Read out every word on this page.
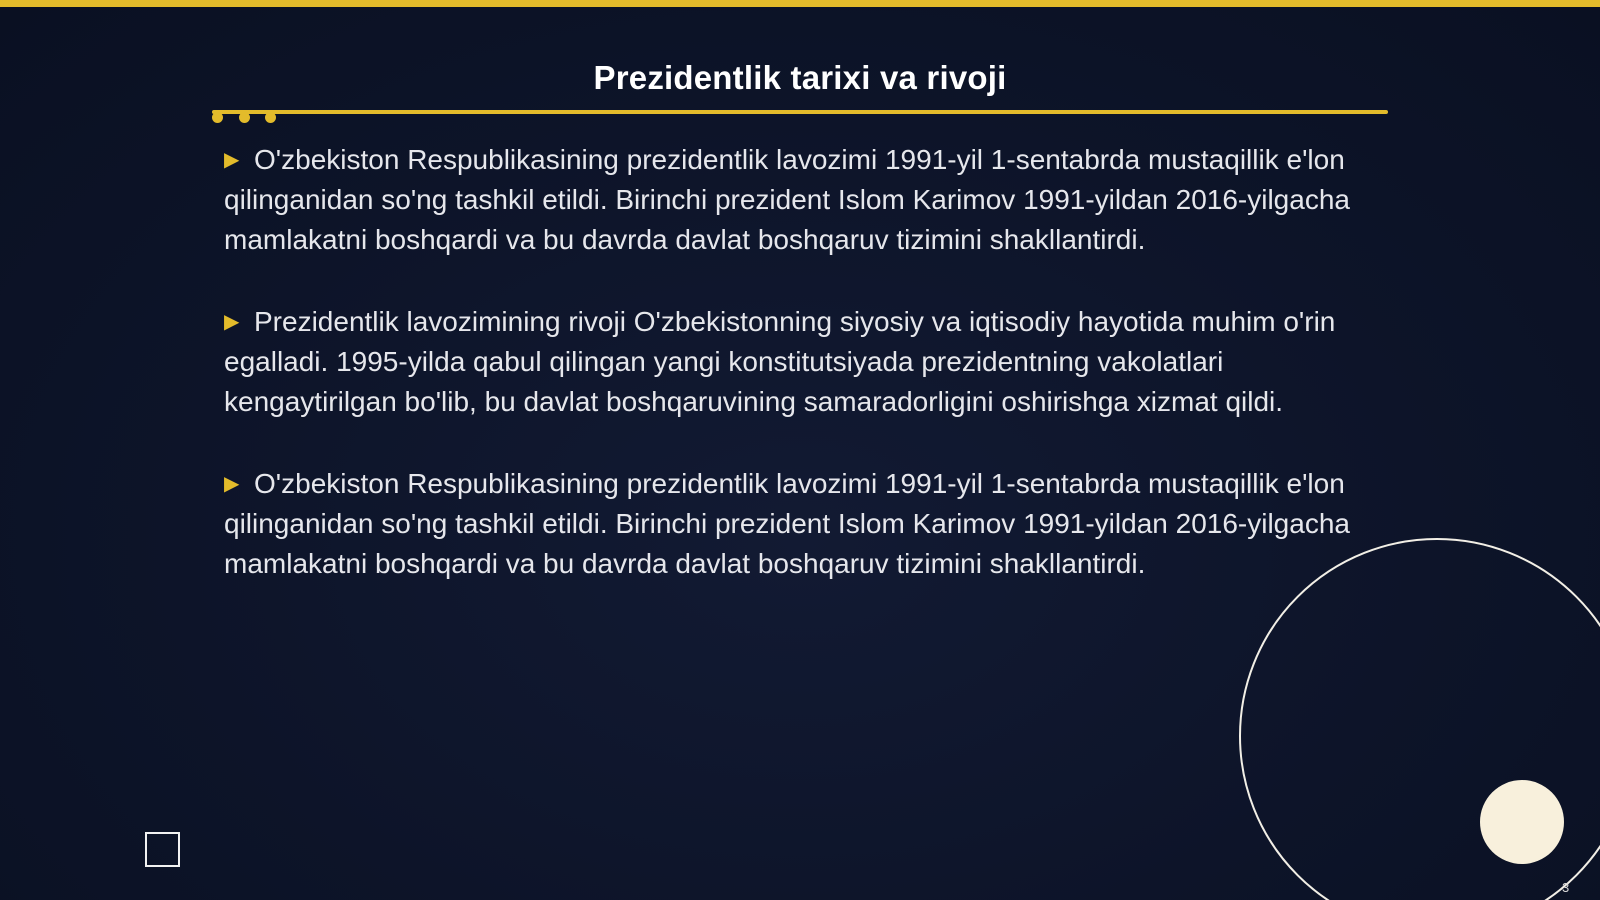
Prezidentlik tarixi va rivoji

▶ O'zbekiston Respublikasining prezidentlik lavozimi 1991-yil 1-sentabrda mustaqillik e'lon qilinganidan so'ng tashkil etildi. Birinchi prezident Islom Karimov 1991-yildan 2016-yilgacha mamlakatni boshqardi va bu davrda davlat boshqaruv tizimini shakllantirdi.

▶ Prezidentlik lavozimining rivoji O'zbekistonning siyosiy va iqtisodiy hayotida muhim o'rin egalladi. 1995-yilda qabul qilingan yangi konstitutsiyada prezidentning vakolatlari kengaytirilgan bo'lib, bu davlat boshqaruvining samaradorligini oshirishga xizmat qildi.

▶ O'zbekiston Respublikasining prezidentlik lavozimi 1991-yil 1-sentabrda mustaqillik e'lon qilinganidan so'ng tashkil etildi. Birinchi prezident Islom Karimov 1991-yildan 2016-yilgacha mamlakatni boshqardi va bu davrda davlat boshqaruv tizimini shakllantirdi.

3
